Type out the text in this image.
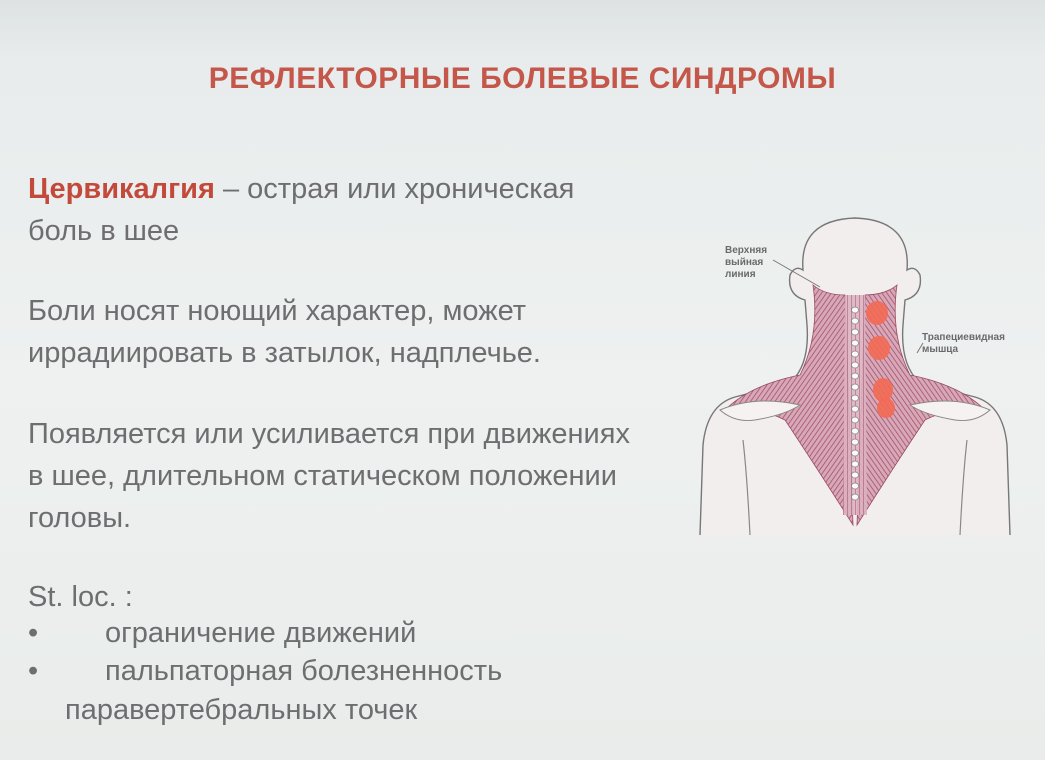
РЕФЛЕКТОРНЫЕ БОЛЕВЫЕ СИНДРОМЫ

Цервикалгия – острая или хроническая боль в шее

Боли носят ноющий характер, может иррадиировать в затылок, надплечье.

Появляется или усиливается при движениях в шее, длительном статическом положении головы.

St. loc. :

• ограничение движений
• пальпаторная болезненность
паравертебральных точек
Верхняя
выйная
линия
Трапециевидная
мышца
